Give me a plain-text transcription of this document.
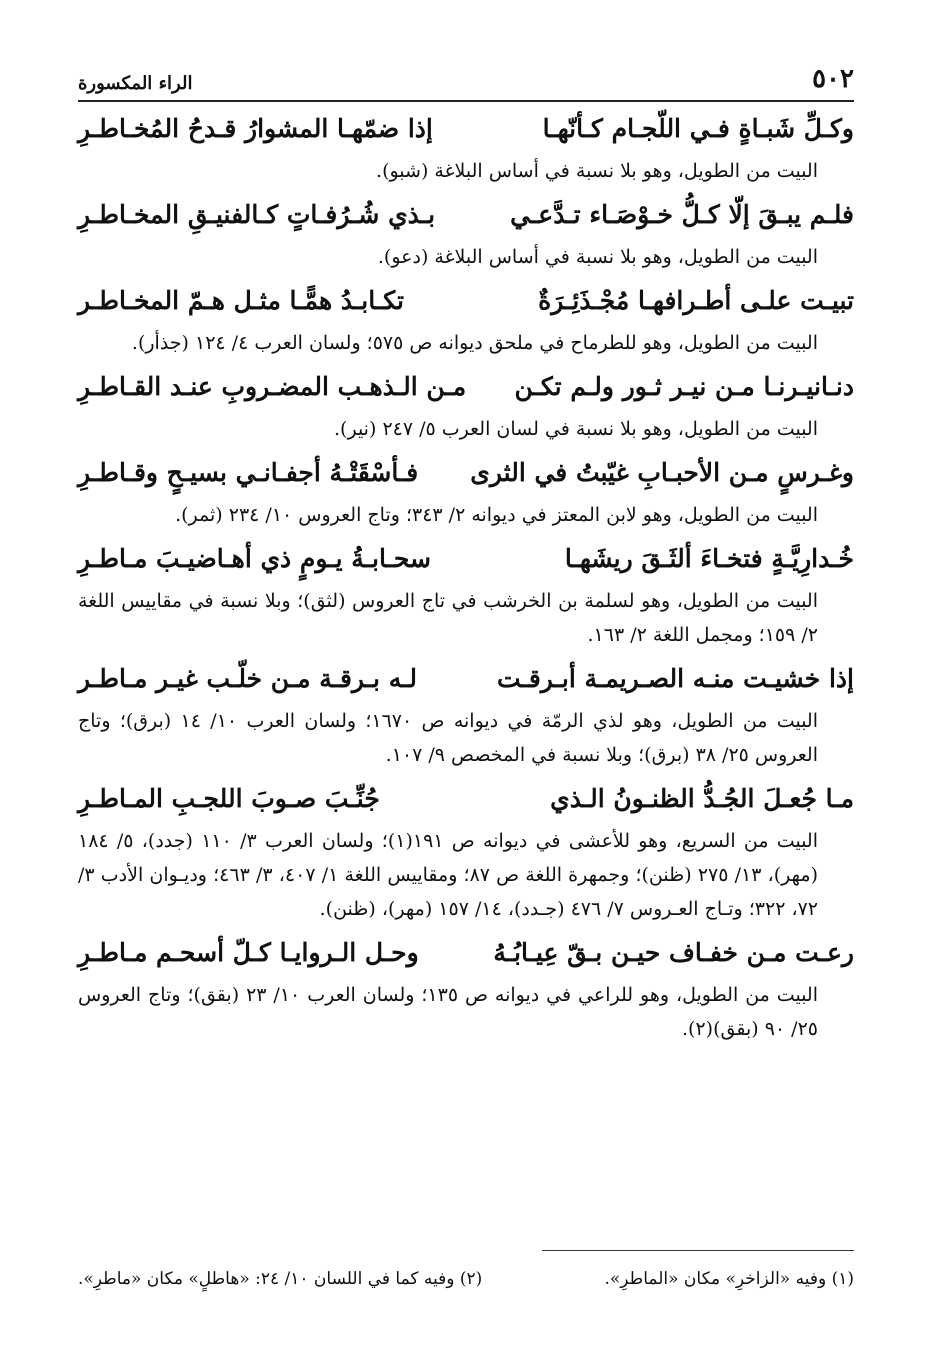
٥٠٢
الراء المكسورة
وكـلِّ شَبـاةٍ فـي اللّجـام كـأنّهـا
إذا ضمّهـا المشوارُ قـدحُ المُخـاطـرِ
البيت من الطويل، وهو بلا نسبة في أساس البلاغة (شبو).
فلـم يبـقَ إلّا كـلُّ خـوْصَـاء تـدَّعـي
بـذي شُـرُفـاتٍ كـالفنيـقِ المخـاطـرِ
البيت من الطويل، وهو بلا نسبة في أساس البلاغة (دعو).
تبيـت علـى أطـرافهـا مُجْـذَئِـرَةٌ
تكـابـدُ همًّـا مثـل هـمّ المخـاطـر
البيت من الطويل، وهو للطرماح في ملحق ديوانه ص ٥٧٥؛ ولسان العرب ٤/ ١٢٤ (جذأر).
دنـانيـرنـا مـن نيـر ثـور ولـم تكـن
مـن الـذهـب المضـروبِ عنـد القـاطـرِ
البيت من الطويل، وهو بلا نسبة في لسان العرب ٥/ ٢٤٧ (نير).
وغـرسٍ مـن الأحبـابِ غيّبتُ في الثرى
فـأسْقَتْـهُ أجفـانـي بسيـحٍ وقـاطـرِ
البيت من الطويل، وهو لابن المعتز في ديوانه ٢/ ٣٤٣؛ وتاج العروس ١٠/ ٢٣٤ (ثمر).
خُـدارِيَّـةٍ فتخـاءَ ألثَـقَ ريشَهـا
سحـابـةُ يـومٍ ذي أهـاضيـبَ مـاطـرِ
البيت من الطويل، وهو لسلمة بن الخرشب في تاج العروس (لثق)؛ وبلا نسبة في مقاييس اللغة ٢/ ١٥٩؛ ومجمل اللغة ٢/ ١٦٣.
إذا خشيـت منـه الصـريمـة أبـرقـت
لـه بـرقـة مـن خلّـب غيـر مـاطـر
البيت من الطويل، وهو لذي الرمّة في ديوانه ص ١٦٧٠؛ ولسان العرب ١٠/ ١٤ (برق)؛ وتاج العروس ٢٥/ ٣٨ (برق)؛ وبلا نسبة في المخصص ٩/ ١٠٧.
مـا جُعـلَ الجُـدُّ الظنـونُ الـذي
جُنِّـبَ صـوبَ اللجـبِ المـاطـرِ
البيت من السريع، وهو للأعشى في ديوانه ص ١٩١(١)؛ ولسان العرب ٣/ ١١٠ (جدد)، ٥/ ١٨٤ (مهر)، ١٣/ ٢٧٥ (ظنن)؛ وجمهرة اللغة ص ٨٧؛ ومقاييس اللغة ١/ ٤٠٧، ٣/ ٤٦٣؛ وديـوان الأدب ٣/ ٧٢، ٣٢٢؛ وتـاج العـروس ٧/ ٤٧٦ (جـدد)، ١٤/ ١٥٧ (مهر)، (ظنن).
رعـت مـن خفـاف حيـن بـقّ عِيـابُـهُ
وحـل الـروايـا كـلّ أسحـم مـاطـرِ
البيت من الطويل، وهو للراعي في ديوانه ص ١٣٥؛ ولسان العرب ١٠/ ٢٣ (بقق)؛ وتاج العروس ٢٥/ ٩٠ (بقق)(٢).
(١) وفيه «الزاخرِ» مكان «الماطرِ».
(٢) وفيه كما في اللسان ١٠/ ٢٤: «هاطلٍ» مكان «ماطرِ».
